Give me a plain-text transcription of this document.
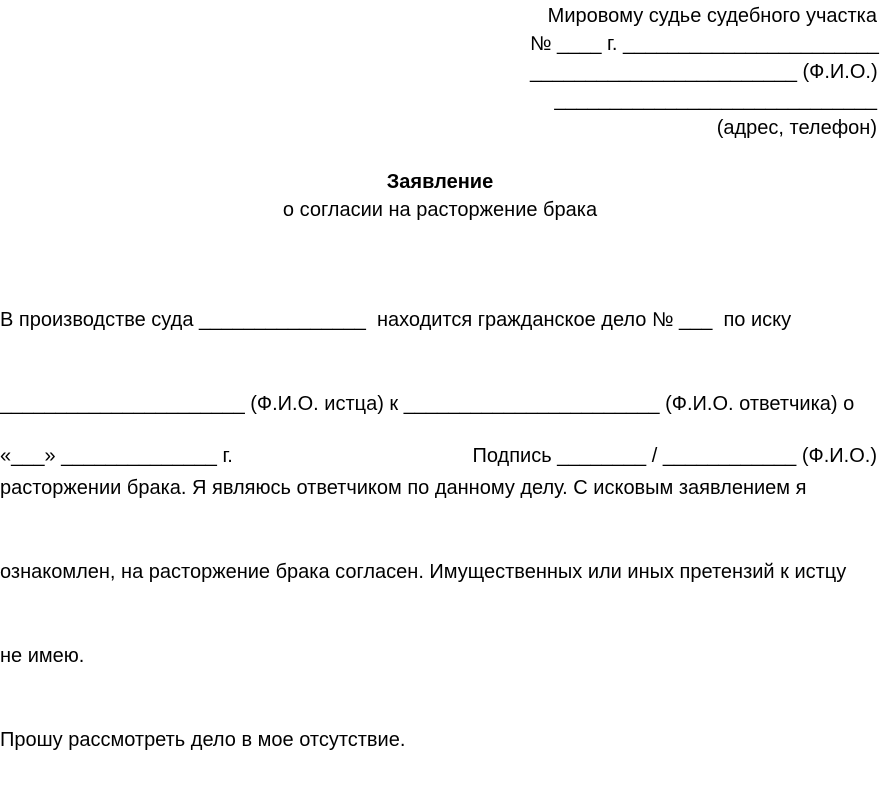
Мировому судье судебного участка
№ ____ г. _______________________
________________________ (Ф.И.О.)
_____________________________
(адрес, телефон)
Заявление
о согласии на расторжение брака

В производстве суда _______________  находится гражданское дело № ___  по иску

______________________ (Ф.И.О. истца) к _______________________ (Ф.И.О. ответчика) о

расторжении брака. Я являюсь ответчиком по данному делу. С исковым заявлением я

ознакомлен, на расторжение брака согласен. Имущественных или иных претензий к истцу

не имею.

Прошу рассмотреть дело в мое отсутствие.

«___» ______________ г.	Подпись ________ / ____________ (Ф.И.О.)
